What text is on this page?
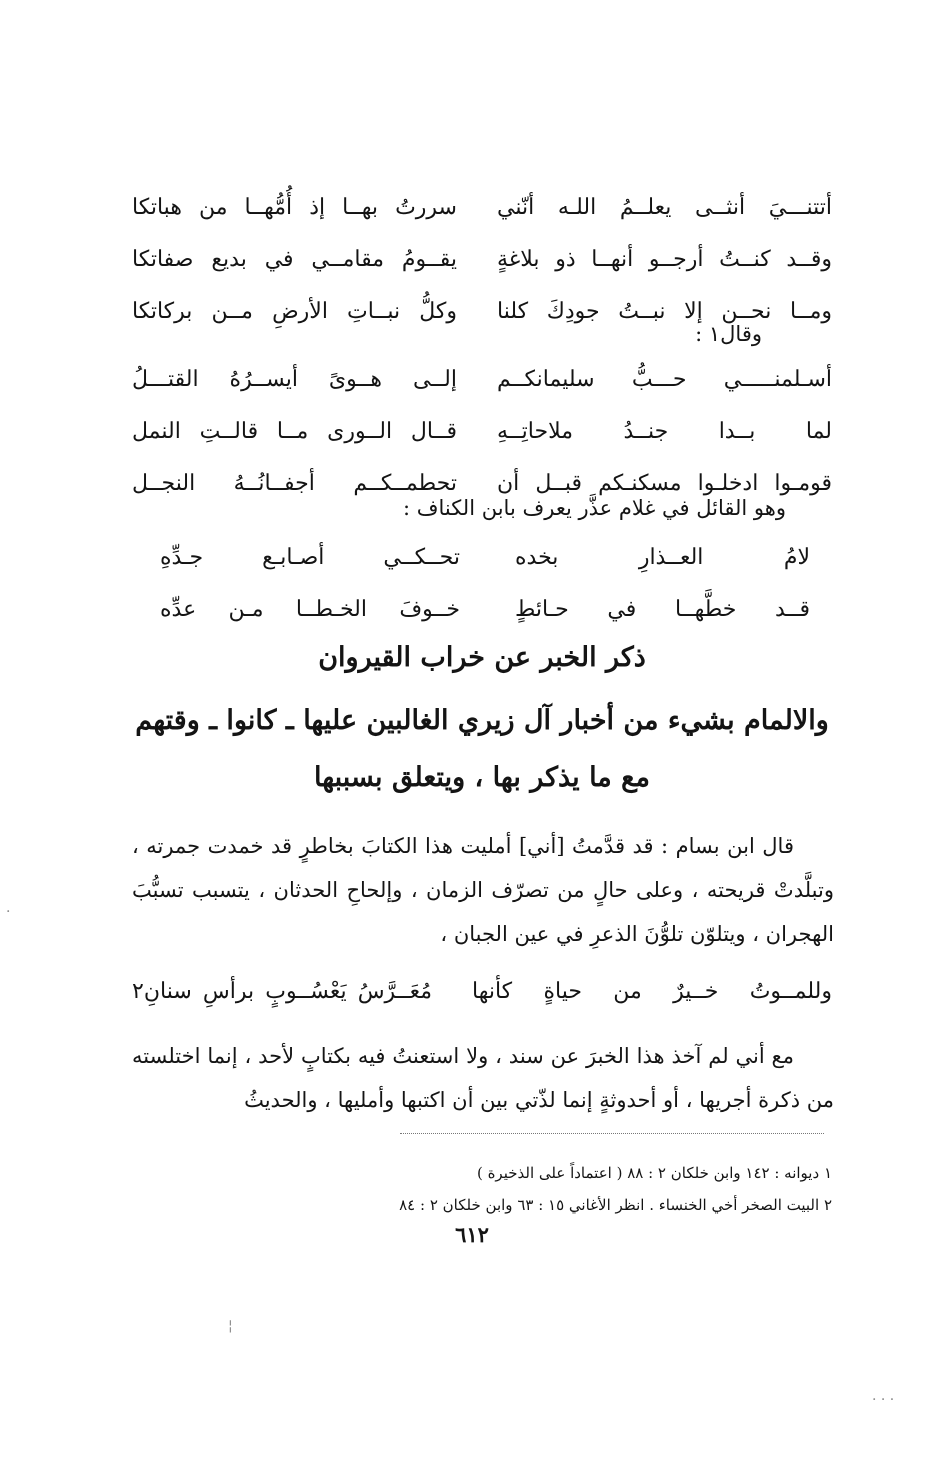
أتتنـــيَ أنثــى يعلــمُ اللـه أنّني
سررتُ بهــا إذ أُمُّهــا من هباتكا
وقــد كنــتُ أرجــو أنهــا ذو بلاغةٍ
يقــومُ مقامــي في بديع صفاتكا
ومــا نحــن إلا نبــتُ جودِكَ كلنا
وكلُّ نبــاتِ الأرضِ مــن بركاتكا
وقال١ :
أسـلمنـــــي حـــبُّ سليمانكــم
إلــى هــوىً أيســرُهُ القتـــلُ
لما بــدا جنــدُ ملاحاتِــهِ
قــال الــورى مــا قالــتِ النمل
قومـوا ادخلـوا مسكنـكم قبــل أن
تحطمــكــم أجفــانُــهُ النجــل
وهو القائل في غلام عذَّر يعرف بابن الكناف :
لامُ العــذارِ بخده
تحــكــي أصـابـع جـدِّهِ
قــد خطَّهــا في حـائطٍ
خــوفَ الخـطــا مـن عدِّه
ذكر الخبر عن خراب القيروان
والالمام بشيء من أخبار آل زيري الغالبين عليها ـ كانوا ـ وقتهم
مع ما يذكر بها ، ويتعلق بسببها

قال ابن بسام : قد قدَّمتُ [أني] أمليت هذا الكتابَ بخاطرٍ قد خمدت جمرته ، وتبلَّدتْ قريحته ، وعلى حالٍ من تصرّف الزمان ، وإلحاحِ الحدثان ، يتسبب تسبُّبَ الهجران ، ويتلوّن تلوُّنَ الذعرِ في عين الجبان ،

وللمــوتُ خــيرٌ من حياةٍ كأنها
مُعَــرَّسُ يَعْسُــوبٍ برأسِ سنانِ٢

مع أني لم آخذ هذا الخبرَ عن سند ، ولا استعنتُ فيه بكتابٍ لأحد ، إنما اختلسته من ذكرة أجريها ، أو أحدوثةٍ إنما لذّتي بين أن اكتبها وأمليها ، والحديثُ

١ ديوانه : ١٤٢ وابن خلكان ٢ : ٨٨ ( اعتماداً على الذخيرة )
٢ البيت الصخر أخي الخنساء . انظر الأغاني ١٥ : ٦٣ وابن خلكان ٢ : ٨٤
٦١٢
·
¦
· · ·
